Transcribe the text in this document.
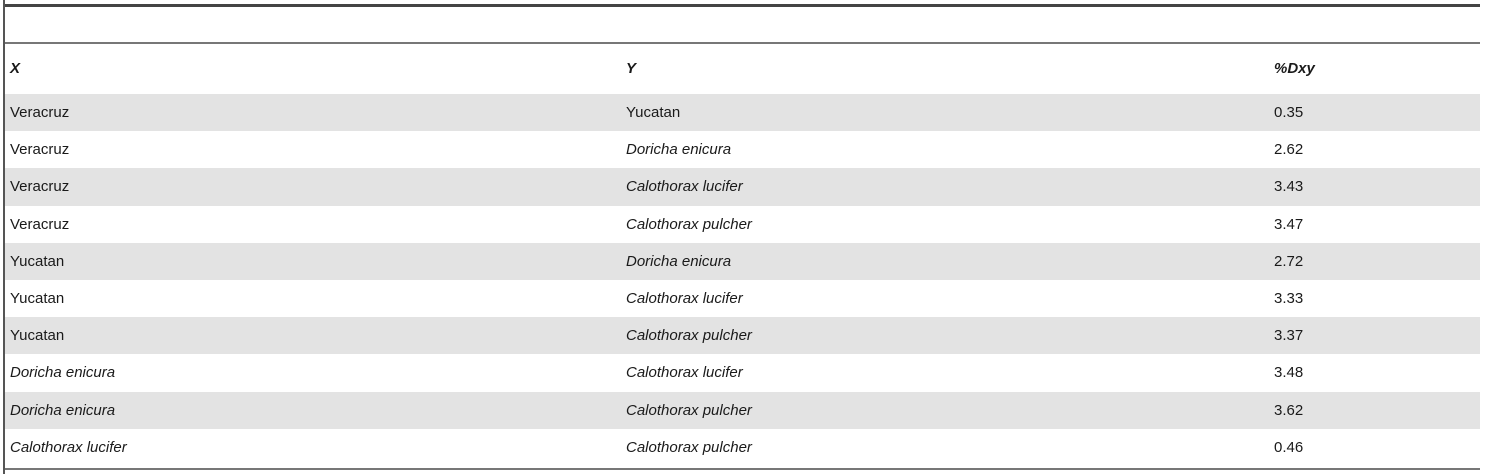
X	Y	%Dxy
Veracruz	Yucatan	0.35
Veracruz	Doricha enicura	2.62
Veracruz	Calothorax lucifer	3.43
Veracruz	Calothorax pulcher	3.47
Yucatan	Doricha enicura	2.72
Yucatan	Calothorax lucifer	3.33
Yucatan	Calothorax pulcher	3.37
Doricha enicura	Calothorax lucifer	3.48
Doricha enicura	Calothorax pulcher	3.62
Calothorax lucifer	Calothorax pulcher	0.46
